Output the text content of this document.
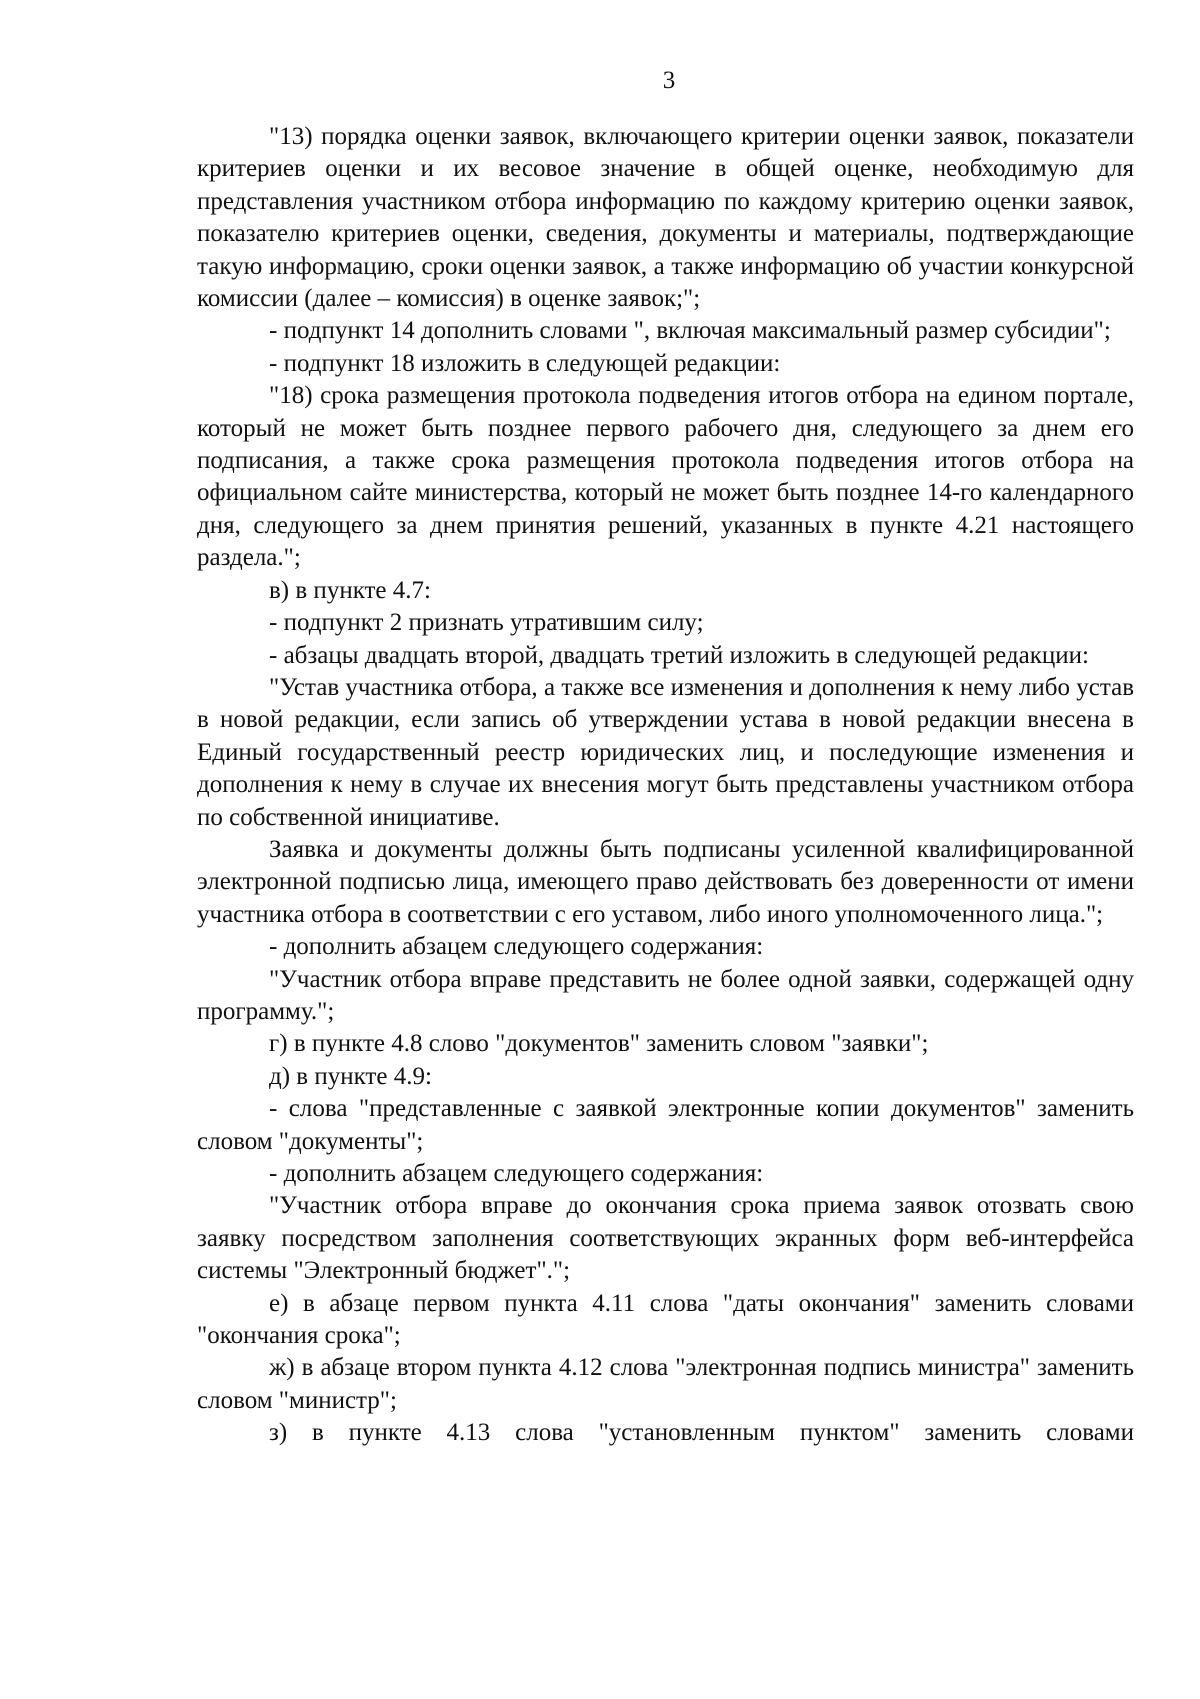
3

"13) порядка оценки заявок, включающего критерии оценки заявок, показатели критериев оценки и их весовое значение в общей оценке, необходимую для представления участником отбора информацию по каждому критерию оценки заявок, показателю критериев оценки, сведения, документы и материалы, подтверждающие такую информацию, сроки оценки заявок, а также информацию об участии конкурсной комиссии (далее – комиссия) в оценке заявок;";

- подпункт 14 дополнить словами ", включая максимальный размер субсидии";

- подпункт 18 изложить в следующей редакции:

"18) срока размещения протокола подведения итогов отбора на едином портале, который не может быть позднее первого рабочего дня, следующего за днем его подписания, а также срока размещения протокола подведения итогов отбора на официальном сайте министерства, который не может быть позднее 14-го календарного дня, следующего за днем принятия решений, указанных в пункте 4.21 настоящего раздела.";

в) в пункте 4.7:

- подпункт 2 признать утратившим силу;

- абзацы двадцать второй, двадцать третий изложить в следующей редакции:

"Устав участника отбора, а также все изменения и дополнения к нему либо устав в новой редакции, если запись об утверждении устава в новой редакции внесена в Единый государственный реестр юридических лиц, и последующие изменения и дополнения к нему в случае их внесения могут быть представлены участником отбора по собственной инициативе.

Заявка и документы должны быть подписаны усиленной квалифицированной электронной подписью лица, имеющего право действовать без доверенности от имени участника отбора в соответствии с его уставом, либо иного уполномоченного лица.";

- дополнить абзацем следующего содержания:

"Участник отбора вправе представить не более одной заявки, содержащей одну программу.";

г) в пункте 4.8 слово "документов" заменить словом "заявки";

д) в пункте 4.9:

- слова "представленные с заявкой электронные копии документов" заменить словом "документы";

- дополнить абзацем следующего содержания:

"Участник отбора вправе до окончания срока приема заявок отозвать свою заявку посредством заполнения соответствующих экранных форм веб-интерфейса системы "Электронный бюджет".";

е) в абзаце первом пункта 4.11 слова "даты окончания" заменить словами "окончания срока";

ж) в абзаце втором пункта 4.12 слова "электронная подпись министра" заменить словом "министр";

з) в пункте 4.13 слова "установленным пунктом" заменить словами
